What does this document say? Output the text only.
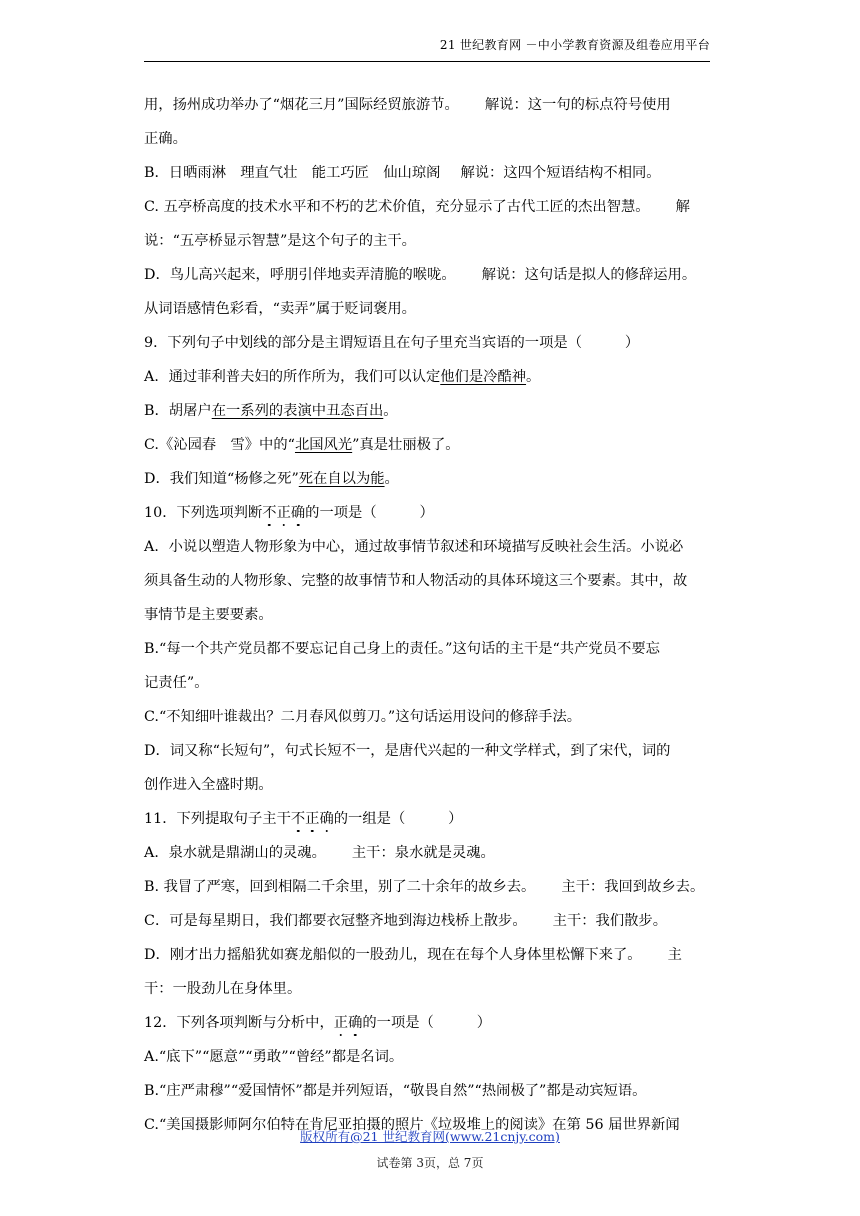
21 世纪教育网 －中小学教育资源及组卷应用平台
用，扬州成功举办了“烟花三月”国际经贸旅游节。 解说：这一句的标点符号使用
正确。
B．日晒雨淋　理直气壮　能工巧匠　仙山琼阁 解说：这四个短语结构不相同。
C. 五亭桥高度的技术水平和不朽的艺术价值，充分显示了古代工匠的杰出智慧。 解
说：“五亭桥显示智慧”是这个句子的主干。
D．鸟儿高兴起来，呼朋引伴地卖弄清脆的喉咙。 解说：这句话是拟人的修辞运用。
从词语感情色彩看，“卖弄”属于贬词褒用。
9．下列句子中划线的部分是主谓短语且在句子里充当宾语的一项是（　　　）
A．通过菲利普夫妇的所作所为，我们可以认定他们是冷酷神。
B．胡屠户在一系列的表演中丑态百出。
C.《沁园春　雪》中的“北国风光”真是壮丽极了。
D．我们知道“杨修之死”死在自以为能。
10．下列选项判断不正确的一项是（　　　）
A．小说以塑造人物形象为中心，通过故事情节叙述和环境描写反映社会生活。小说必
须具备生动的人物形象、完整的故事情节和人物活动的具体环境这三个要素。其中，故
事情节是主要要素。
B.“每一个共产党员都不要忘记自己身上的责任。”这句话的主干是“共产党员不要忘
记责任”。
C.“不知细叶谁裁出？二月春风似剪刀。”这句话运用设问的修辞手法。
D．词又称“长短句”，句式长短不一，是唐代兴起的一种文学样式，到了宋代，词的
创作进入全盛时期。
11．下列提取句子主干不正确的一组是（　　　）
A．泉水就是鼎湖山的灵魂。 主干：泉水就是灵魂。
B. 我冒了严寒，回到相隔二千余里，别了二十余年的故乡去。 主干：我回到故乡去。
C．可是每星期日，我们都要衣冠整齐地到海边栈桥上散步。 主干：我们散步。
D．刚才出力摇船犹如赛龙船似的一股劲儿，现在在每个人身体里松懈下来了。 主
干：一股劲儿在身体里。
12．下列各项判断与分析中，正确的一项是（　　　）
A.“底下”“愿意”“勇敢”“曾经”都是名词。
B.“庄严肃穆”“爱国情怀”都是并列短语，“敬畏自然”“热闹极了”都是动宾短语。
C.“美国摄影师阿尔伯特在肯尼亚拍摄的照片《垃圾堆上的阅读》在第 56 届世界新闻
版权所有@21 世纪教育网(www.21cnjy.com)
试卷第 3页，总 7页
